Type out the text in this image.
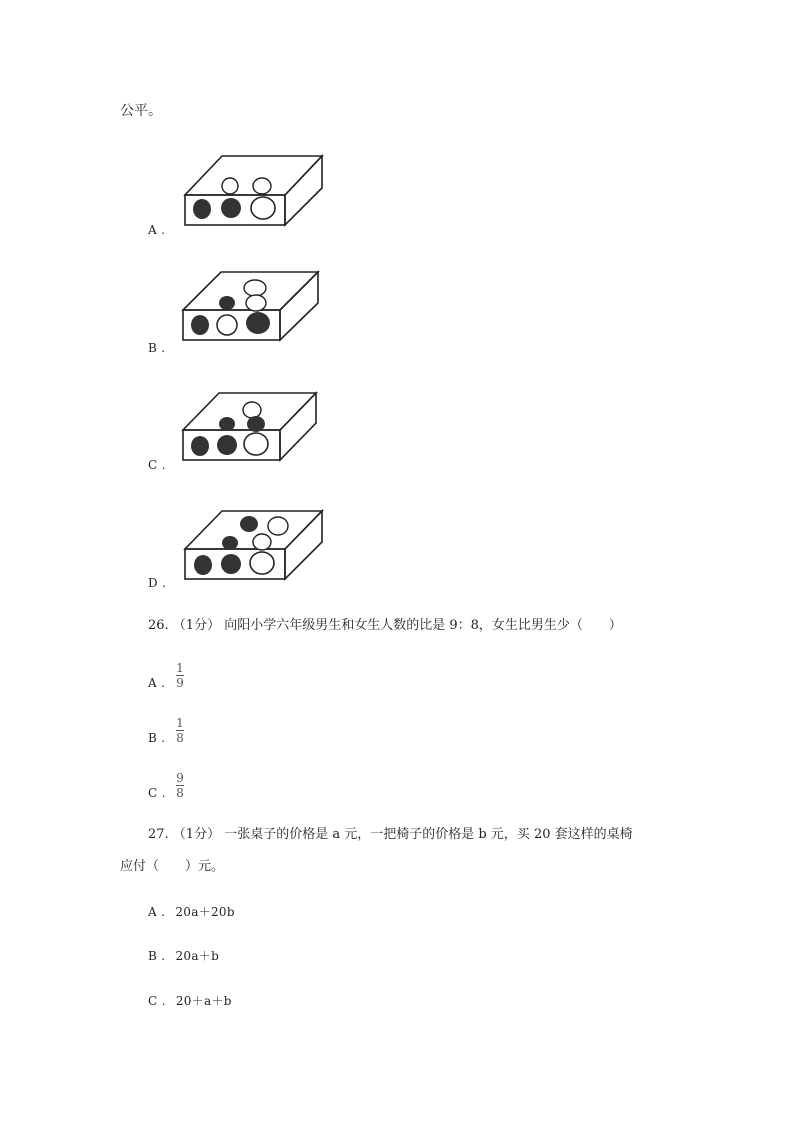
公平。
A .
B .
C .
D .
26. （1分） 向阳小学六年级男生和女生人数的比是 9：8，女生比男生少（　　）
A .
1
9
B .
1
8
C .
9
8
27. （1分） 一张桌子的价格是 a 元，一把椅子的价格是 b 元，买 20 套这样的桌椅
应付（　　）元。
A . 20a＋20b
B . 20a＋b
C . 20＋a＋b
